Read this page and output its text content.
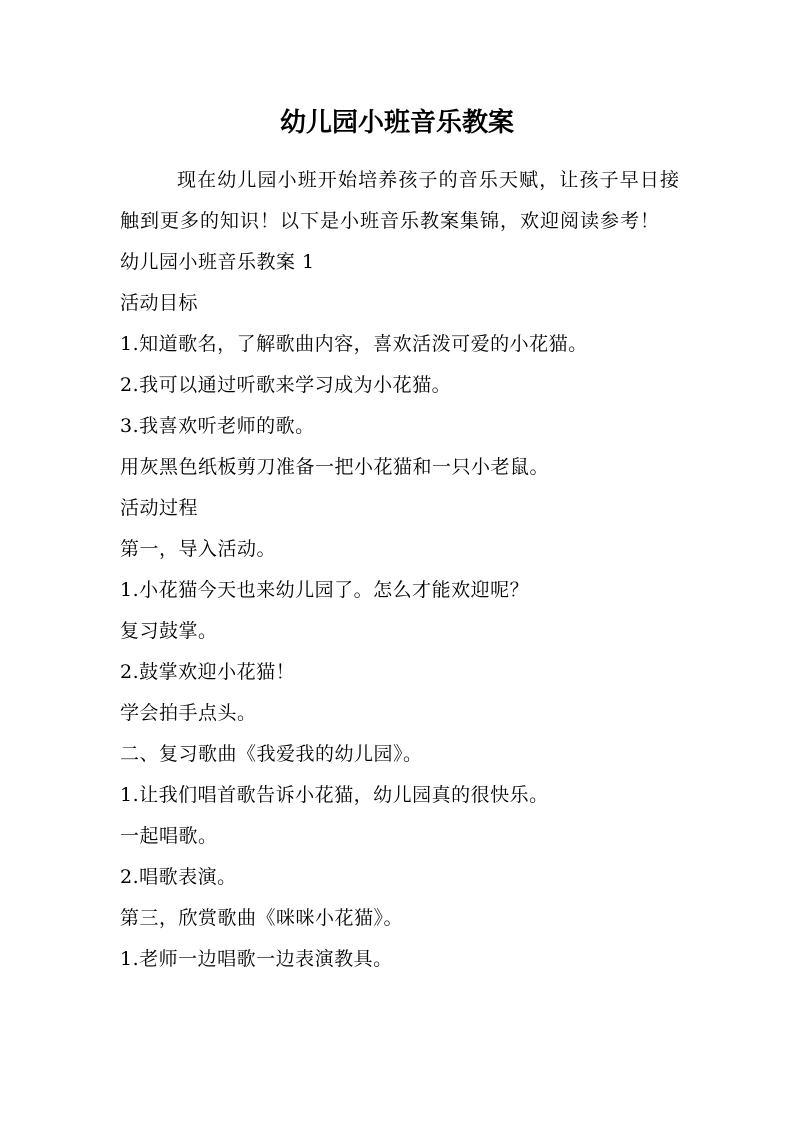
幼儿园小班音乐教案

现在幼儿园小班开始培养孩子的音乐天赋，让孩子早日接触到更多的知识！以下是小班音乐教案集锦，欢迎阅读参考！

幼儿园小班音乐教案 1

活动目标

1.知道歌名，了解歌曲内容，喜欢活泼可爱的小花猫。

2.我可以通过听歌来学习成为小花猫。

3.我喜欢听老师的歌。

用灰黑色纸板剪刀准备一把小花猫和一只小老鼠。

活动过程

第一，导入活动。

1.小花猫今天也来幼儿园了。怎么才能欢迎呢？

复习鼓掌。

2.鼓掌欢迎小花猫！

学会拍手点头。

二、复习歌曲《我爱我的幼儿园》。

1.让我们唱首歌告诉小花猫，幼儿园真的很快乐。

一起唱歌。

2.唱歌表演。

第三，欣赏歌曲《咪咪小花猫》。

1.老师一边唱歌一边表演教具。
